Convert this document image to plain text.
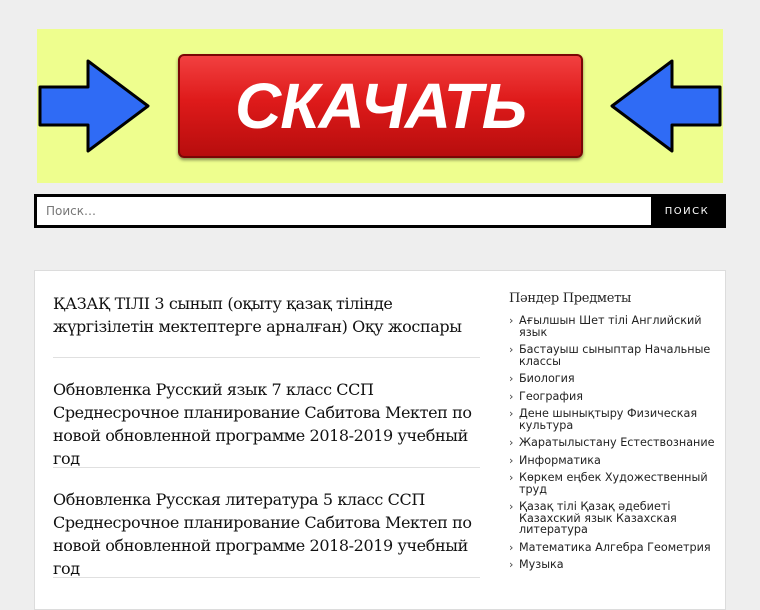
СКАЧАТЬ
Поиск…
ПОИСК
ҚАЗАҚ ТІЛІ 3 сынып (оқыту қазақ тілінде жүргізілетін мектептерге арналған) Оқу жоспары
Обновленка Русский язык 7 класс ССП Среднесрочное планирование Сабитова Мектеп по новой обновленной программе 2018-2019 учебный год
Обновленка Русская литература 5 класс ССП Среднесрочное планирование Сабитова Мектеп по новой обновленной программе 2018-2019 учебный год
Пәндер Предметы
› Ағылшын Шет тілі Английский язык
› Бастауыш сыныптар Начальные классы
› Биология
› География
› Дене шынықтыру Физическая культура
› Жаратылыстану Естествознание
› Информатика
› Көркем еңбек Художественный труд
› Қазақ тілі Қазақ әдебиеті Казахский язык Казахская литература
› Математика Алгебра Геометрия
› Музыка
